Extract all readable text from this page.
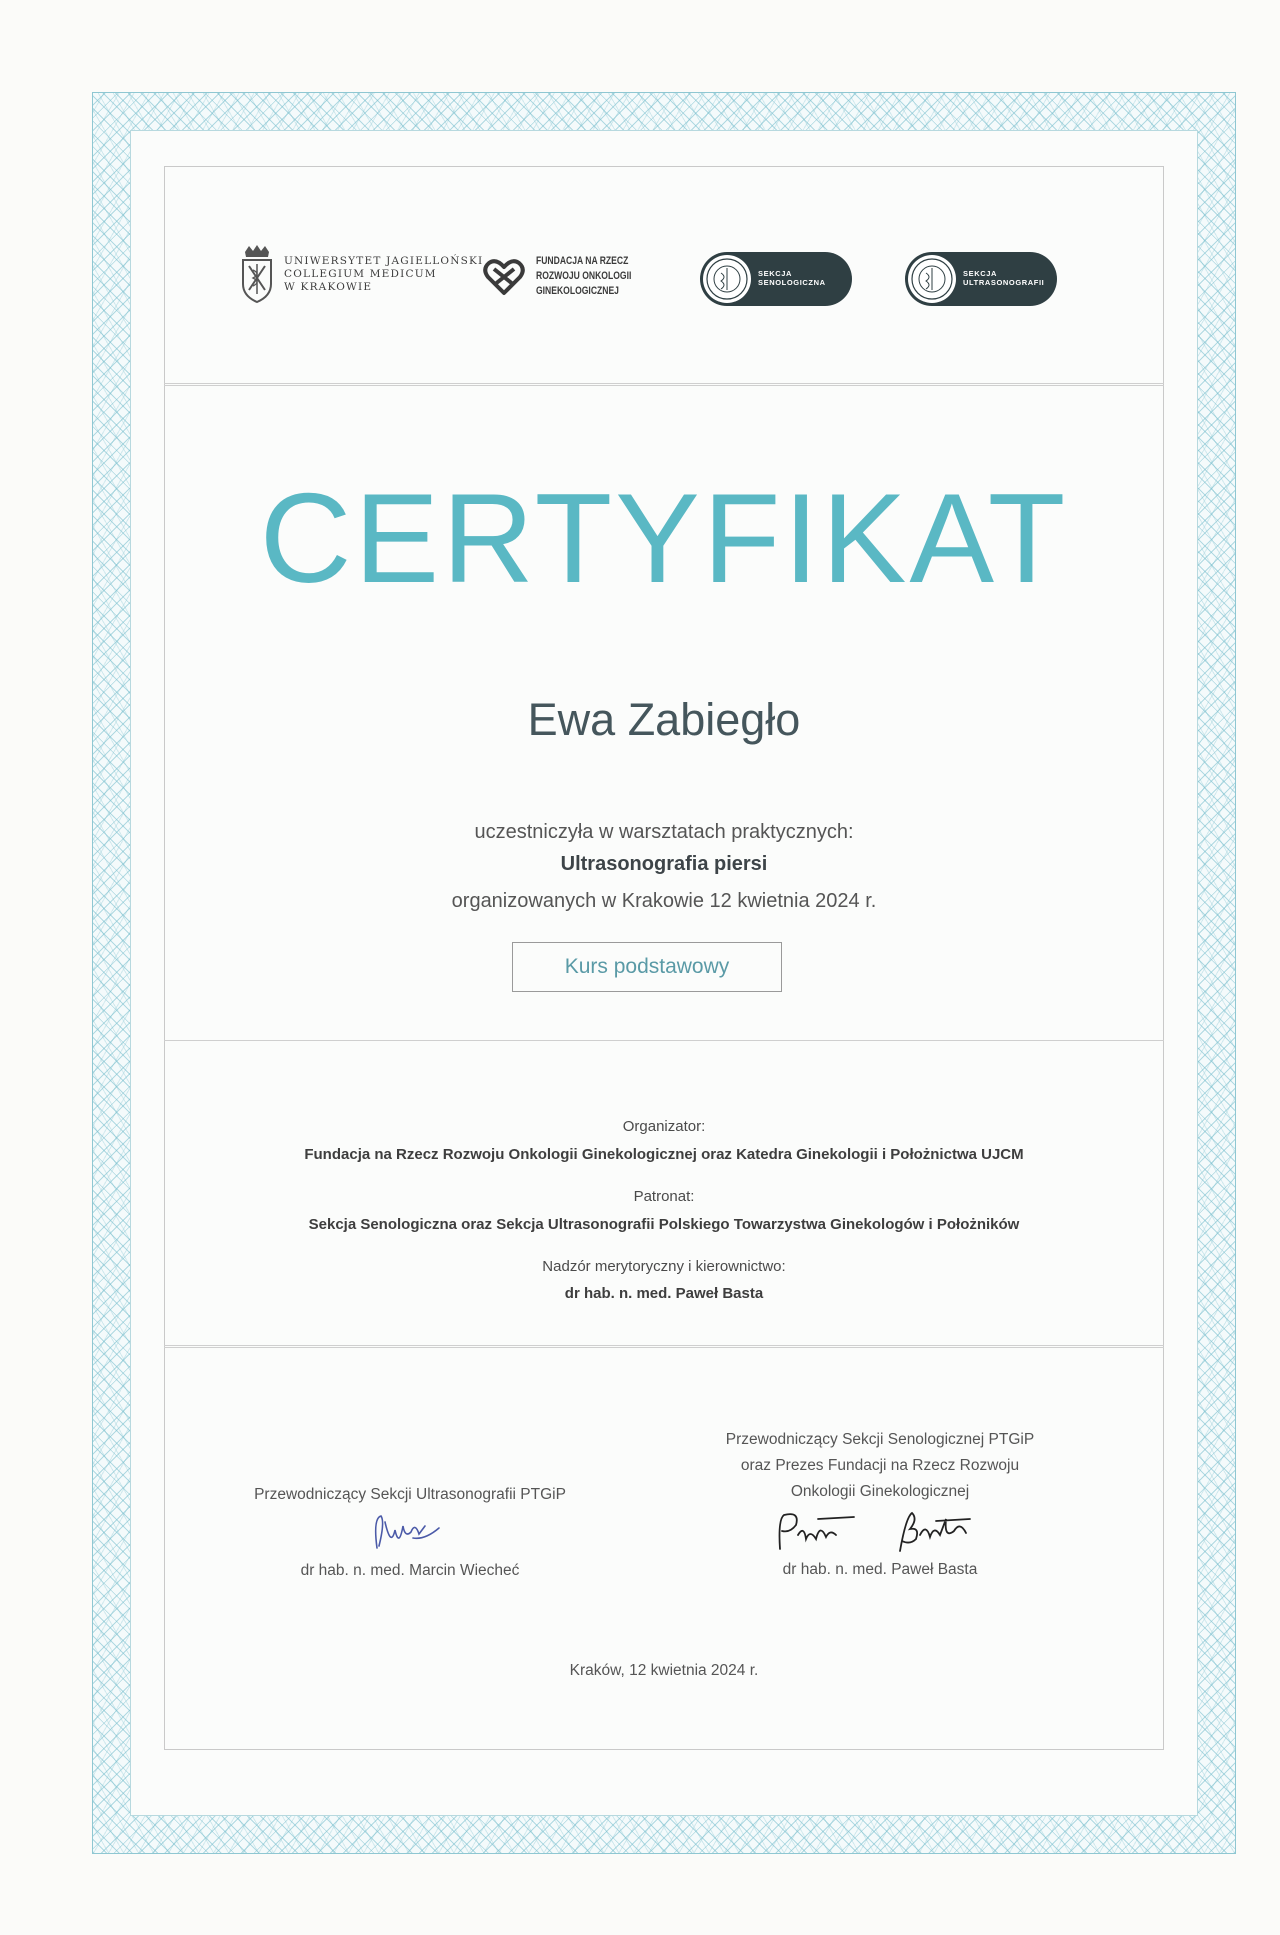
UNIWERSYTET JAGIELLOŃSKI
COLLEGIUM MEDICUM
W KRAKOWIE
FUNDACJA NA RZECZ
ROZWOJU ONKOLOGII
GINEKOLOGICZNEJ
SEKCJA
SENOLOGICZNA
SEKCJA
ULTRASONOGRAFII
CERTYFIKAT
Ewa Zabiegło
uczestniczyła w warsztatach praktycznych:
Ultrasonografia piersi
organizowanych w Krakowie 12 kwietnia 2024 r.
Kurs podstawowy
Organizator:
Fundacja na Rzecz Rozwoju Onkologii Ginekologicznej oraz Katedra Ginekologii i Położnictwa UJCM
Patronat:
Sekcja Senologiczna oraz Sekcja Ultrasonografii Polskiego Towarzystwa Ginekologów i Położników
Nadzór merytoryczny i kierownictwo:
dr hab. n. med. Paweł Basta
Przewodniczący Sekcji Ultrasonografii PTGiP
dr hab. n. med. Marcin Wiecheć
Przewodniczący Sekcji Senologicznej PTGiP
oraz Prezes Fundacji na Rzecz Rozwoju
Onkologii Ginekologicznej
dr hab. n. med. Paweł Basta
Kraków, 12 kwietnia 2024 r.
